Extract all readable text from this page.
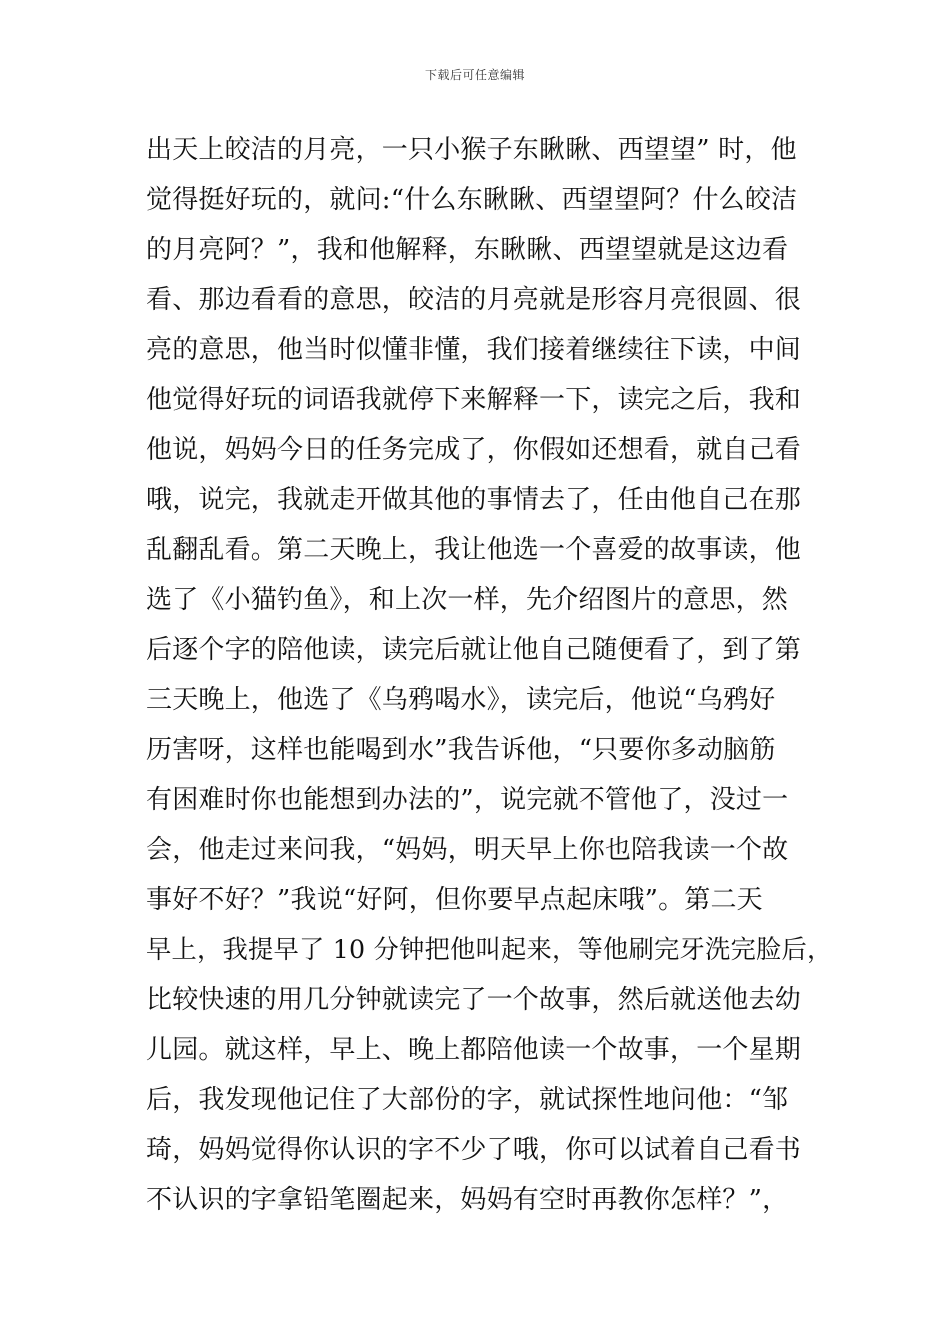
下载后可任意编辑
出天上皎洁的月亮，一只小猴子东瞅瞅、西望望” 时，他
觉得挺好玩的，就问:“什么东瞅瞅、西望望阿？什么皎洁
的月亮阿？”，我和他解释，东瞅瞅、西望望就是这边看
看、那边看看的意思，皎洁的月亮就是形容月亮很圆、很
亮的意思，他当时似懂非懂，我们接着继续往下读，中间
他觉得好玩的词语我就停下来解释一下，读完之后，我和
他说，妈妈今日的任务完成了，你假如还想看，就自己看
哦，说完，我就走开做其他的事情去了，任由他自己在那
乱翻乱看。第二天晚上，我让他选一个喜爱的故事读，他
选了《小猫钓鱼》，和上次一样，先介绍图片的意思，然
后逐个字的陪他读，读完后就让他自己随便看了，到了第
三天晚上，他选了《乌鸦喝水》，读完后，他说“乌鸦好
历害呀，这样也能喝到水”我告诉他，“只要你多动脑筋
有困难时你也能想到办法的”，说完就不管他了，没过一
会，他走过来问我，“妈妈，明天早上你也陪我读一个故
事好不好？”我说“好阿，但你要早点起床哦”。第二天
早上，我提早了 10 分钟把他叫起来，等他刷完牙洗完脸后，
比较快速的用几分钟就读完了一个故事，然后就送他去幼
儿园。就这样，早上、晚上都陪他读一个故事，一个星期
后，我发现他记住了大部份的字，就试探性地问他：“邹
琦，妈妈觉得你认识的字不少了哦，你可以试着自己看书
不认识的字拿铅笔圈起来，妈妈有空时再教你怎样？”，
